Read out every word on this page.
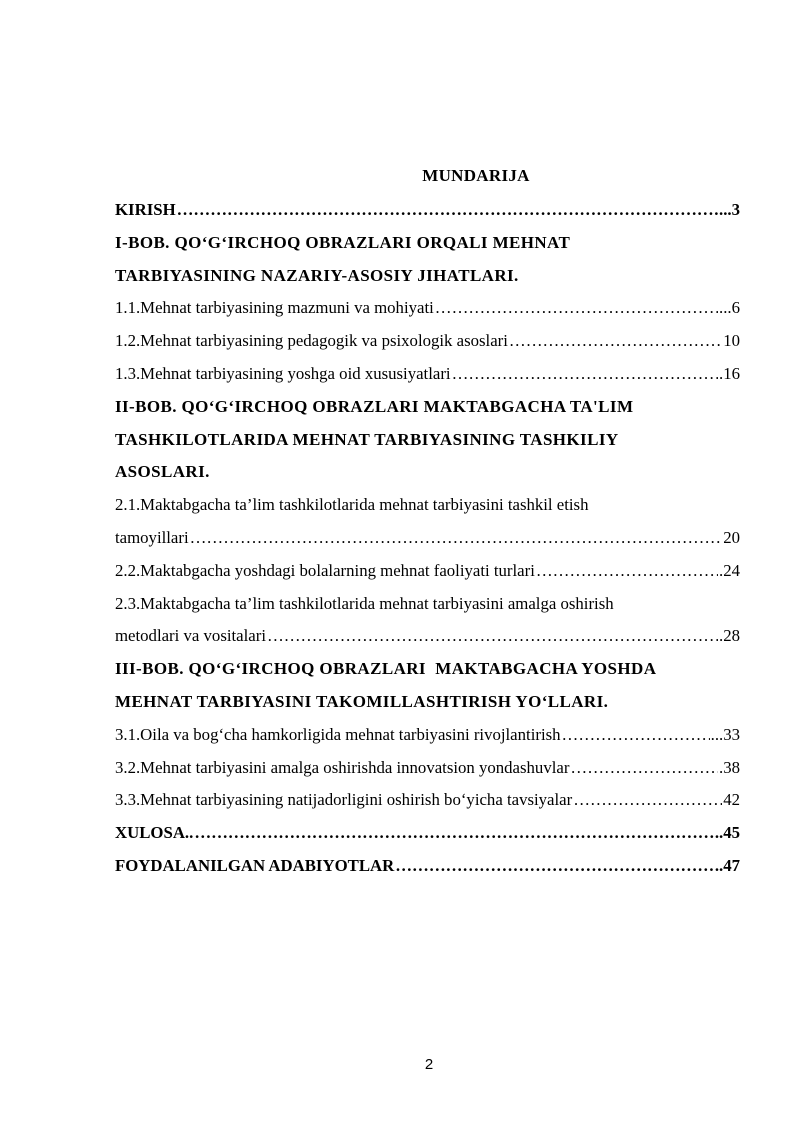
MUNDARIJA
KIRISH ……………………………………………………………………………………………………………………………………………………………………	...3
I-BOB. QO‘G‘IRCHOQ OBRAZLARI ORQALI MEHNAT
TARBIYASINING NAZARIY-ASOSIY JIHATLARI.
1.1.Mehnat tarbiyasining mazmuni va mohiyati ……………………………………………………………………………………………………………………………………………………………………	...6
1.2.Mehnat tarbiyasining pedagogik va psixologik asoslari ……………………………………………………………………………………………………………………………………………………………………	10
1.3.Mehnat tarbiyasining yoshga oid xususiyatlari ……………………………………………………………………………………………………………………………………………………………………	.16
II-BOB. QO‘G‘IRCHOQ OBRAZLARI MAKTABGACHA TA'LIM
TASHKILOTLARIDA MEHNAT TARBIYASINING TASHKILIY
ASOSLARI.
2.1.Maktabgacha ta’lim tashkilotlarida mehnat tarbiyasini tashkil etish
tamoyillari ……………………………………………………………………………………………………………………………………………………………………	20
2.2.Maktabgacha yoshdagi bolalarning mehnat faoliyati turlari ……………………………………………………………………………………………………………………………………………………………………	.24
2.3.Maktabgacha ta’lim tashkilotlarida mehnat tarbiyasini amalga oshirish
metodlari va vositalari ……………………………………………………………………………………………………………………………………………………………………	.28
III-BOB. QO‘G‘IRCHOQ OBRAZLARI  MAKTABGACHA YOSHDA
MEHNAT TARBIYASINI TAKOMILLASHTIRISH YO‘LLARI.
3.1.Oila va bog‘cha hamkorligida mehnat tarbiyasini rivojlantirish ……………………………………………………………………………………………………………………………………………………………………	...33
3.2.Mehnat tarbiyasini amalga oshirishda innovatsion yondashuvlar ……………………………………………………………………………………………………………………………………………………………………	.38
3.3.Mehnat tarbiyasining natijadorligini oshirish bo‘yicha tavsiyalar ……………………………………………………………………………………………………………………………………………………………………	42
XULOSA.. ……………………………………………………………………………………………………………………………………………………………………	..45
FOYDALANILGAN ADABIYOTLAR ……………………………………………………………………………………………………………………………………………………………………	..47
2
